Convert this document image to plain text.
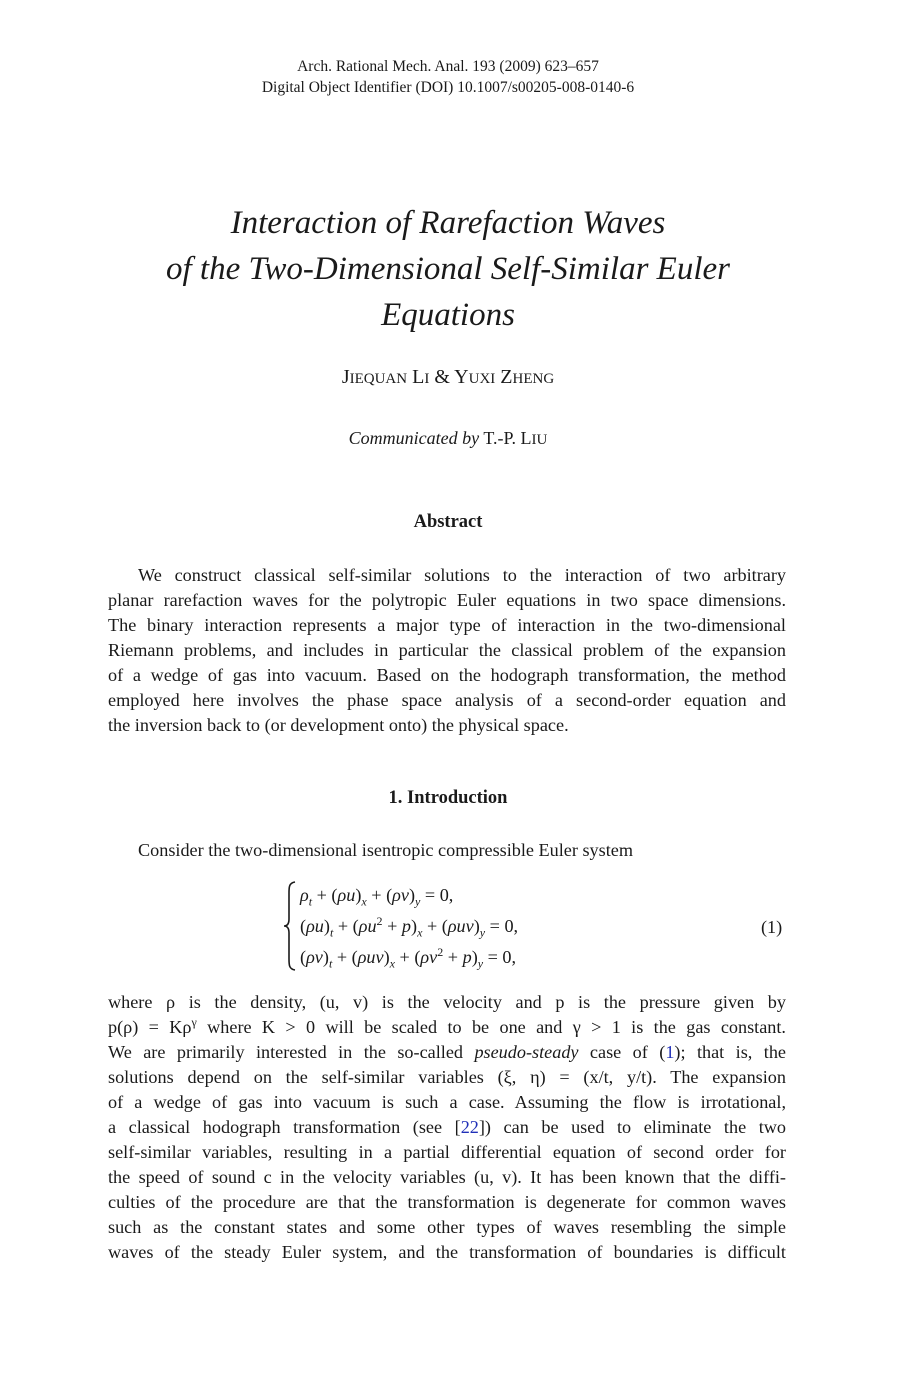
Arch. Rational Mech. Anal. 193 (2009) 623–657
Digital Object Identifier (DOI) 10.1007/s00205-008-0140-6
Interaction of Rarefaction Waves
of the Two-Dimensional Self-Similar Euler
Equations
JIEQUAN LI & YUXI ZHENG
Communicated by T.-P. LIU
Abstract
We construct classical self-similar solutions to the interaction of two arbitrary
planar rarefaction waves for the polytropic Euler equations in two space dimensions.
The binary interaction represents a major type of interaction in the two-dimensional
Riemann problems, and includes in particular the classical problem of the expansion
of a wedge of gas into vacuum. Based on the hodograph transformation, the method
employed here involves the phase space analysis of a second-order equation and
the inversion back to (or development onto) the physical space.
1. Introduction
Consider the two-dimensional isentropic compressible Euler system
$\rho_t + (\rho u)_x + (\rho v)_y = 0$,
$(\rho u)_t + (\rho u^2 + p)_x + (\rho uv)_y = 0$,
$(\rho v)_t + (\rho uv)_x + (\rho v^2 + p)_y = 0$,
(1)
where ρ is the density, (u, v) is the velocity and p is the pressure given by
$p(\rho) = K\rho^\gamma$ where K > 0 will be scaled to be one and γ > 1 is the gas constant.
We are primarily interested in the so-called pseudo-steady case of (1); that is, the
solutions depend on the self-similar variables (ξ, η) = (x/t, y/t). The expansion
of a wedge of gas into vacuum is such a case. Assuming the flow is irrotational,
a classical hodograph transformation (see [22]) can be used to eliminate the two
self-similar variables, resulting in a partial differential equation of second order for
the speed of sound c in the velocity variables (u, v). It has been known that the diffi-
culties of the procedure are that the transformation is degenerate for common waves
such as the constant states and some other types of waves resembling the simple
waves of the steady Euler system, and the transformation of boundaries is difficult
